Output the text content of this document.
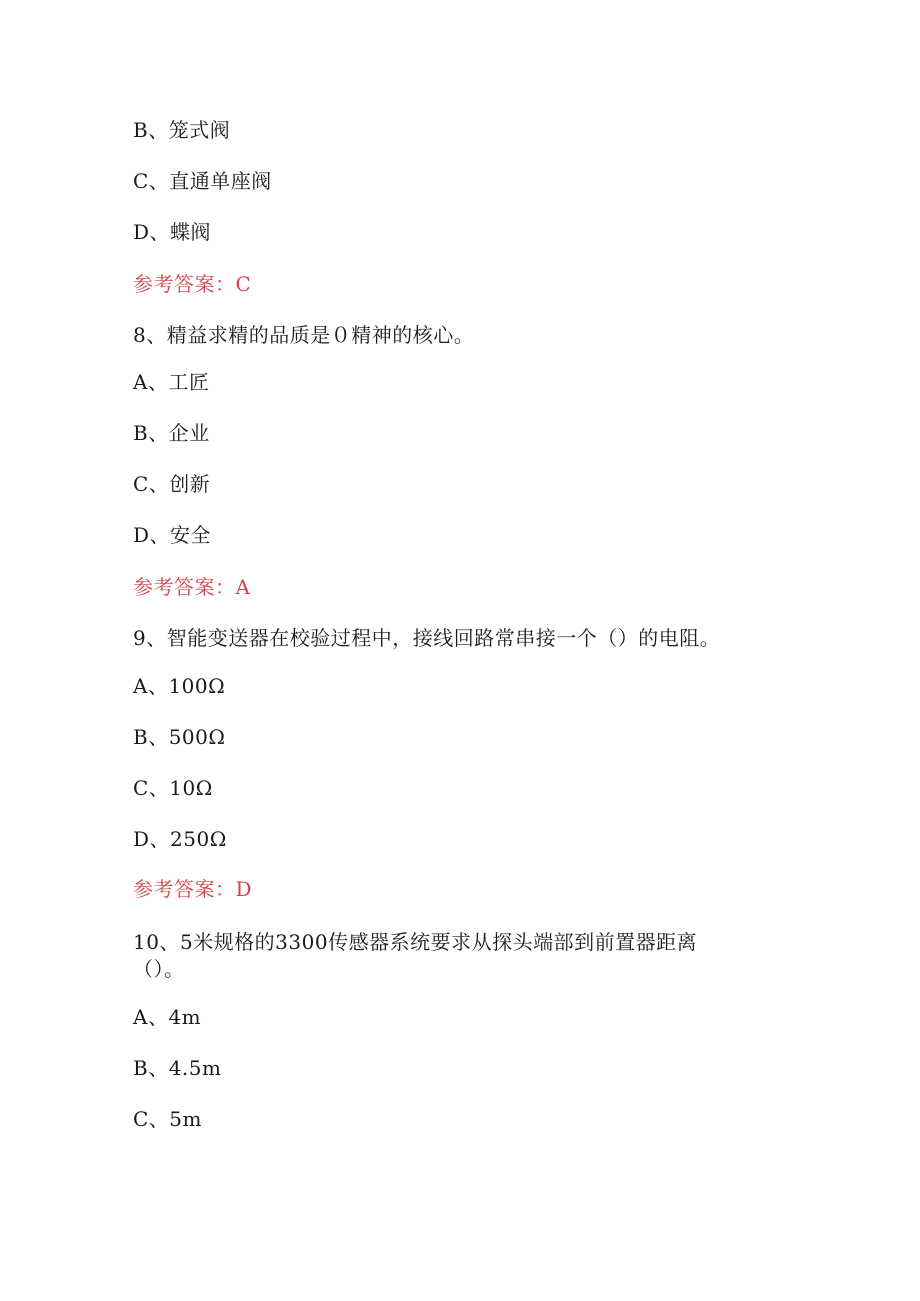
B、笼式阀
C、直通单座阀
D、蝶阀
参考答案：C
8、精益求精的品质是０精神的核心。
A、工匠
B、企业
C、创新
D、安全
参考答案：A
9、智能变送器在校验过程中，接线回路常串接一个（）的电阻。
A、100Ω
B、500Ω
C、10Ω
D、250Ω
参考答案：D
10、5米规格的3300传感器系统要求从探头端部到前置器距离
（）。
A、4m
B、4.5m
C、5m
